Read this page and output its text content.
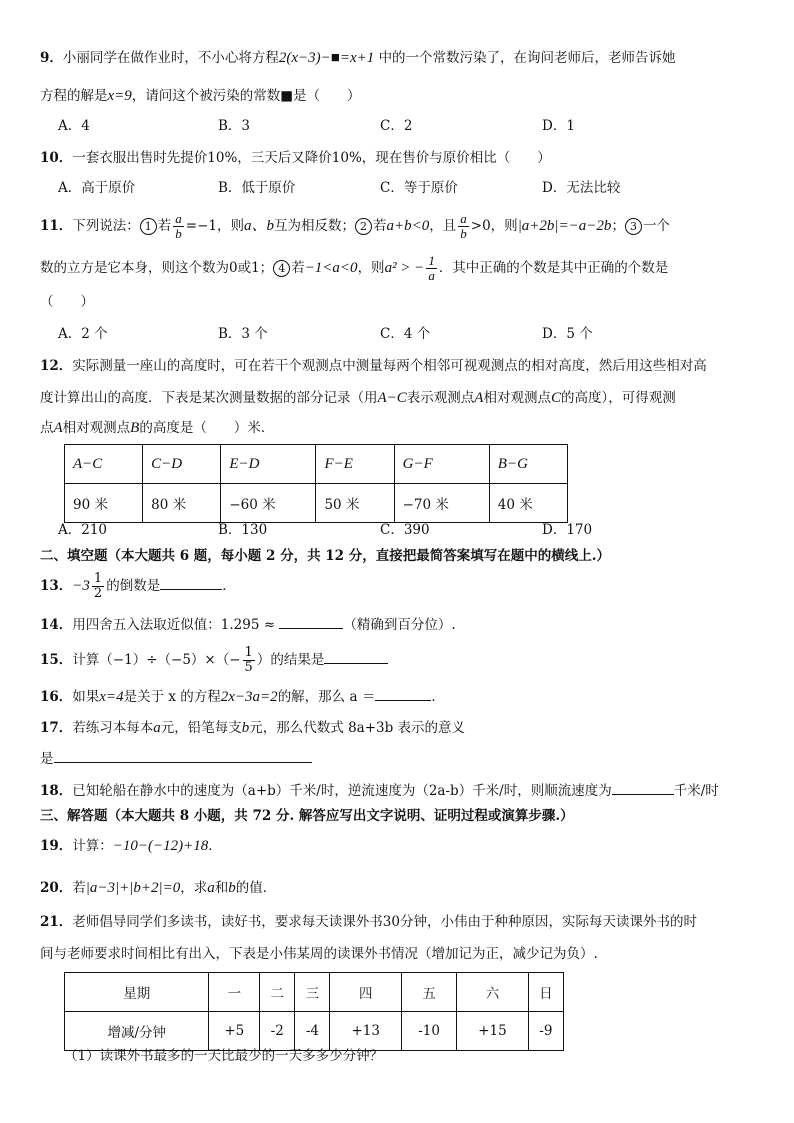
9．小丽同学在做作业时，不小心将方程2(x−3)−■=x+1 中的一个常数污染了，在询问老师后，老师告诉她
方程的解是x=9，请问这个被污染的常数■是（　　）
A．4	B．3	C．2	D．1
10．一套衣服出售时先提价10%，三天后又降价10%，现在售价与原价相比（　　）
A．高于原价	B．低于原价	C．等于原价	D．无法比较
11．下列说法： 1 若 $\frac{a}{b} =-1$，则a、b互为相反数； 2 若a+b<0，且 $\frac{a}{b} >0$，则|a+2b|=−a−2b； 3 一个
数的立方是它本身，则这个数为0或1； 4 若−1<a<0，则a² > − $\frac{1}{a}$ ．其中正确的个数是其中正确的个数是
（　　）
A．2 个	B．3 个	C．4 个	D．5 个
12．实际测量一座山的高度时，可在若干个观测点中测量每两个相邻可视观测点的相对高度，然后用这些相对高
度计算出山的高度．下表是某次测量数据的部分记录（用A−C表示观测点A相对观测点C的高度），可得观测
点A相对观测点B的高度是（　　）米．
A−C	C−D	E−D	F−E	G−F	B−G
90 米	80 米	−60 米	50 米	−70 米	40 米
A．210	B．130	C．390	D．170
二、填空题（本大题共 6 题，每小题 2 分，共 12 分，直接把最简答案填写在题中的横线上.）
13．$-3 \frac{1}{2}$ 的倒数是	．
14．用四舍五入法取近似值：1.295 ≈	（精确到百分位）.
15．计算$(-1)\div(-5)\times(- \frac{1}{5}$ ）的结果是
16．如果x=4是关于 x 的方程2x−3a=2的解，那么 a ＝	．
17．若练习本每本a元，铅笔每支b元，那么代数式 8a+3b 表示的意义
是
18．已知轮船在静水中的速度为（a+b）千米/时，逆流速度为（2a-b）千米/时，则顺流速度为	千米/时
三、解答题（本大题共 8 小题，共 72 分. 解答应写出文字说明、证明过程或演算步骤.）
19．计算：−10−(−12)+18．
20．若|a−3|+|b+2|=0，求a和b的值．
21．老师倡导同学们多读书，读好书，要求每天读课外书30分钟，小伟由于种种原因，实际每天读课外书的时
间与老师要求时间相比有出入，下表是小伟某周的读课外书情况（增加记为正，减少记为负）.
星期	一	二	三	四	五	六	日
增减/分钟	+5	-2	-4	+13	-10	+15	-9
（1）读课外书最多的一天比最少的一天多多少分钟？
